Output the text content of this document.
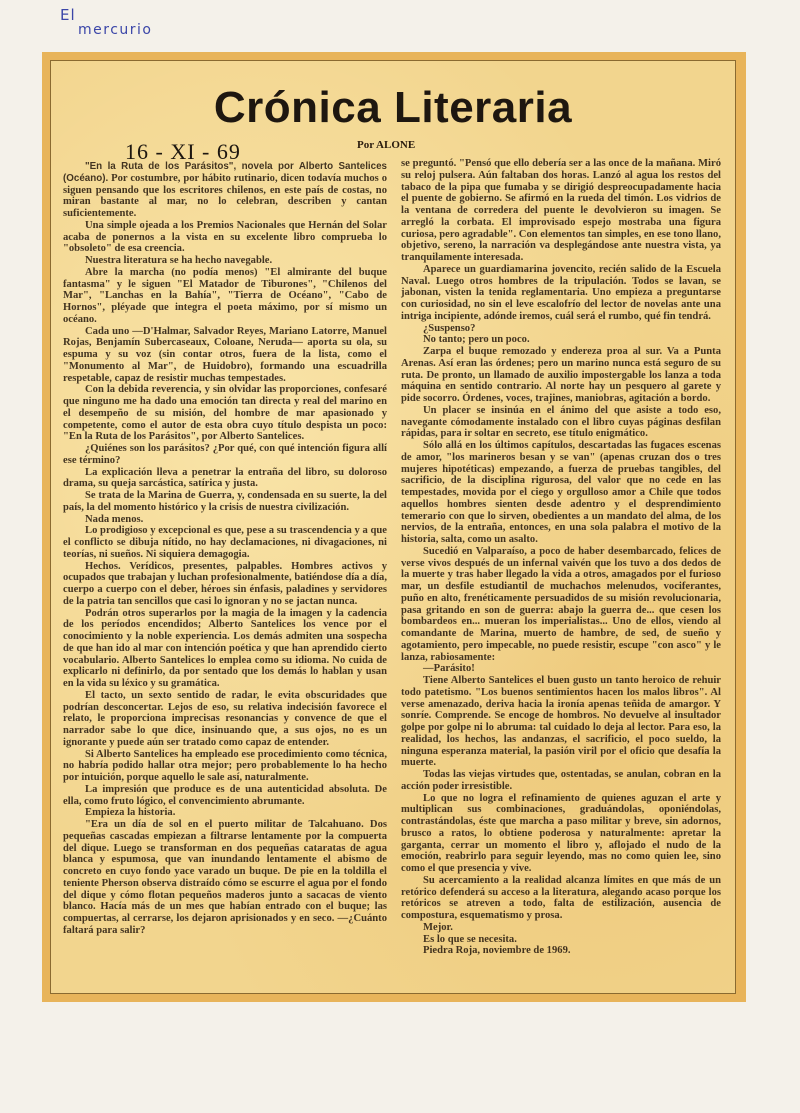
El
mercurio
Crónica Literaria
16 - XI - 69	Por ALONE

"En la Ruta de los Parásitos", novela por Alberto Santelices (Océano). Por costumbre, por hábito rutinario, dicen todavía muchos o siguen pensando que los escritores chilenos, en este país de costas, no miran bastante al mar, no lo celebran, describen y cantan suficientemente.

Una simple ojeada a los Premios Nacionales que Hernán del Solar acaba de ponernos a la vista en su excelente libro comprueba lo "obsoleto" de esa creencia.

Nuestra literatura se ha hecho navegable.

Abre la marcha (no podía menos) "El almirante del buque fantasma" y le siguen "El Matador de Tiburones", "Chilenos del Mar", "Lanchas en la Bahía", "Tierra de Océano", "Cabo de Hornos", pléyade que integra el poeta máximo, por sí mismo un océano.

Cada uno —D'Halmar, Salvador Reyes, Mariano Latorre, Manuel Rojas, Benjamín Subercaseaux, Coloane, Neruda— aporta su ola, su espuma y su voz (sin contar otros, fuera de la lista, como el "Monumento al Mar", de Huidobro), formando una escuadrilla respetable, capaz de resistir muchas tempestades.

Con la debida reverencia, y sin olvidar las proporciones, confesaré que ninguno me ha dado una emoción tan directa y real del marino en el desempeño de su misión, del hombre de mar apasionado y competente, como el autor de esta obra cuyo título despista un poco: "En la Ruta de los Parásitos", por Alberto Santelices.

¿Quiénes son los parásitos? ¿Por qué, con qué intención figura allí ese término?

La explicación lleva a penetrar la entraña del libro, su doloroso drama, su queja sarcástica, satírica y justa.

Se trata de la Marina de Guerra, y, condensada en su suerte, la del país, la del momento histórico y la crisis de nuestra civilización.

Nada menos.

Lo prodigioso y excepcional es que, pese a su trascendencia y a que el conflicto se dibuja nítido, no hay declamaciones, ni divagaciones, ni teorías, ni sueños. Ni siquiera demagogia.

Hechos. Verídicos, presentes, palpables. Hombres activos y ocupados que trabajan y luchan profesionalmente, batiéndose día a día, cuerpo a cuerpo con el deber, héroes sin énfasis, paladines y servidores de la patria tan sencillos que casi lo ignoran y no se jactan nunca.

Podrán otros superarlos por la magia de la imagen y la cadencia de los períodos encendidos; Alberto Santelices los vence por el conocimiento y la noble experiencia. Los demás admiten una sospecha de que han ido al mar con intención poética y que han aprendido cierto vocabulario. Alberto Santelices lo emplea como su idioma. No cuida de explicarlo ni definirlo, da por sentado que los demás lo hablan y usan en la vida su léxico y su gramática.

El tacto, un sexto sentido de radar, le evita obscuridades que podrían desconcertar. Lejos de eso, su relativa indecisión favorece el relato, le proporciona imprecisas resonancias y convence de que el narrador sabe lo que dice, insinuando que, a sus ojos, no es un ignorante y puede aún ser tratado como capaz de entender.

Si Alberto Santelices ha empleado ese procedimiento como técnica, no habría podido hallar otra mejor; pero probablemente lo ha hecho por intuición, porque aquello le sale así, naturalmente.

La impresión que produce es de una autenticidad absoluta. De ella, como fruto lógico, el convencimiento abrumante.

Empieza la historia.

"Era un día de sol en el puerto militar de Talcahuano. Dos pequeñas cascadas empiezan a filtrarse lentamente por la compuerta del dique. Luego se transforman en dos pequeñas cataratas de agua blanca y espumosa, que van inundando lentamente el abismo de concreto en cuyo fondo yace varado un buque. De pie en la toldilla el teniente Pherson observa distraído cómo se escurre el agua por el fondo del dique y cómo flotan pequeños maderos junto a sacacas de viento blanco. Hacía más de un mes que habían entrado con el buque; las compuertas, al cerrarse, los dejaron aprisionados y en seco. —¿Cuánto faltará para salir?

se preguntó. "Pensó que ello debería ser a las once de la mañana. Miró su reloj pulsera. Aún faltaban dos horas. Lanzó al agua los restos del tabaco de la pipa que fumaba y se dirigió despreocupadamente hacia el puente de gobierno. Se afirmó en la rueda del timón. Los vidrios de la ventana de corredera del puente le devolvieron su imagen. Se arregló la corbata. El improvisado espejo mostraba una figura curiosa, pero agradable". Con elementos tan simples, en ese tono llano, objetivo, sereno, la narración va desplegándose ante nuestra vista, ya tranquilamente interesada.

Aparece un guardiamarina jovencito, recién salido de la Escuela Naval. Luego otros hombres de la tripulación. Todos se lavan, se jabonan, visten la tenida reglamentaria. Uno empieza a preguntarse con curiosidad, no sin el leve escalofrío del lector de novelas ante una intriga incipiente, adónde iremos, cuál será el rumbo, qué fin tendrá.

¿Suspenso?

No tanto; pero un poco.

Zarpa el buque remozado y endereza proa al sur. Va a Punta Arenas. Así eran las órdenes; pero un marino nunca está seguro de su ruta. De pronto, un llamado de auxilio impostergable los lanza a toda máquina en sentido contrario. Al norte hay un pesquero al garete y pide socorro. Órdenes, voces, trajines, maniobras, agitación a bordo.

Un placer se insinúa en el ánimo del que asiste a todo eso, navegante cómodamente instalado con el libro cuyas páginas desfilan rápidas, para ir soltar en secreto, ese título enigmático.

Sólo allá en los últimos capítulos, descartadas las fugaces escenas de amor, "los marineros besan y se van" (apenas cruzan dos o tres mujeres hipotéticas) empezando, a fuerza de pruebas tangibles, del sacrificio, de la disciplina rigurosa, del valor que no cede en las tempestades, movida por el ciego y orgulloso amor a Chile que todos aquellos hombres sienten desde adentro y el desprendimiento temerario con que lo sirven, obedientes a un mandato del alma, de los nervios, de la entraña, entonces, en una sola palabra el motivo de la historia, salta, como un asalto.

Sucedió en Valparaíso, a poco de haber desembarcado, felices de verse vivos después de un infernal vaivén que los tuvo a dos dedos de la muerte y tras haber llegado la vida a otros, amagados por el furioso mar, un desfile estudiantil de muchachos melenudos, vociferantes, puño en alto, frenéticamente persuadidos de su misión revolucionaria, pasa gritando en son de guerra: abajo la guerra de... que cesen los bombardeos en... mueran los imperialistas... Uno de ellos, viendo al comandante de Marina, muerto de hambre, de sed, de sueño y agotamiento, pero impecable, no puede resistir, escupe "con asco" y le lanza, rabiosamente:

—Parásito!

Tiene Alberto Santelices el buen gusto un tanto heroico de rehuir todo patetismo. "Los buenos sentimientos hacen los malos libros". Al verse amenazado, deriva hacia la ironía apenas teñida de amargor. Y sonríe. Comprende. Se encoge de hombros. No devuelve al insultador golpe por golpe ni lo abruma: tal cuidado lo deja al lector. Para eso, la realidad, los hechos, las andanzas, el sacrificio, el poco sueldo, la ninguna esperanza material, la pasión viril por el oficio que desafía la muerte.

Todas las viejas virtudes que, ostentadas, se anulan, cobran en la acción poder irresistible.

Lo que no logra el refinamiento de quienes aguzan el arte y multiplican sus combinaciones, graduándolas, oponiéndolas, contrastándolas, éste que marcha a paso militar y breve, sin adornos, brusco a ratos, lo obtiene poderosa y naturalmente: apretar la garganta, cerrar un momento el libro y, aflojado el nudo de la emoción, reabrirlo para seguir leyendo, mas no como quien lee, sino como el que presencia y vive.

Su acercamiento a la realidad alcanza límites en que más de un retórico defenderá su acceso a la literatura, alegando acaso porque los retóricos se atreven a todo, falta de estilización, ausencia de compostura, esquematismo y prosa.

Mejor.

Es lo que se necesita.

Piedra Roja, noviembre de 1969.
